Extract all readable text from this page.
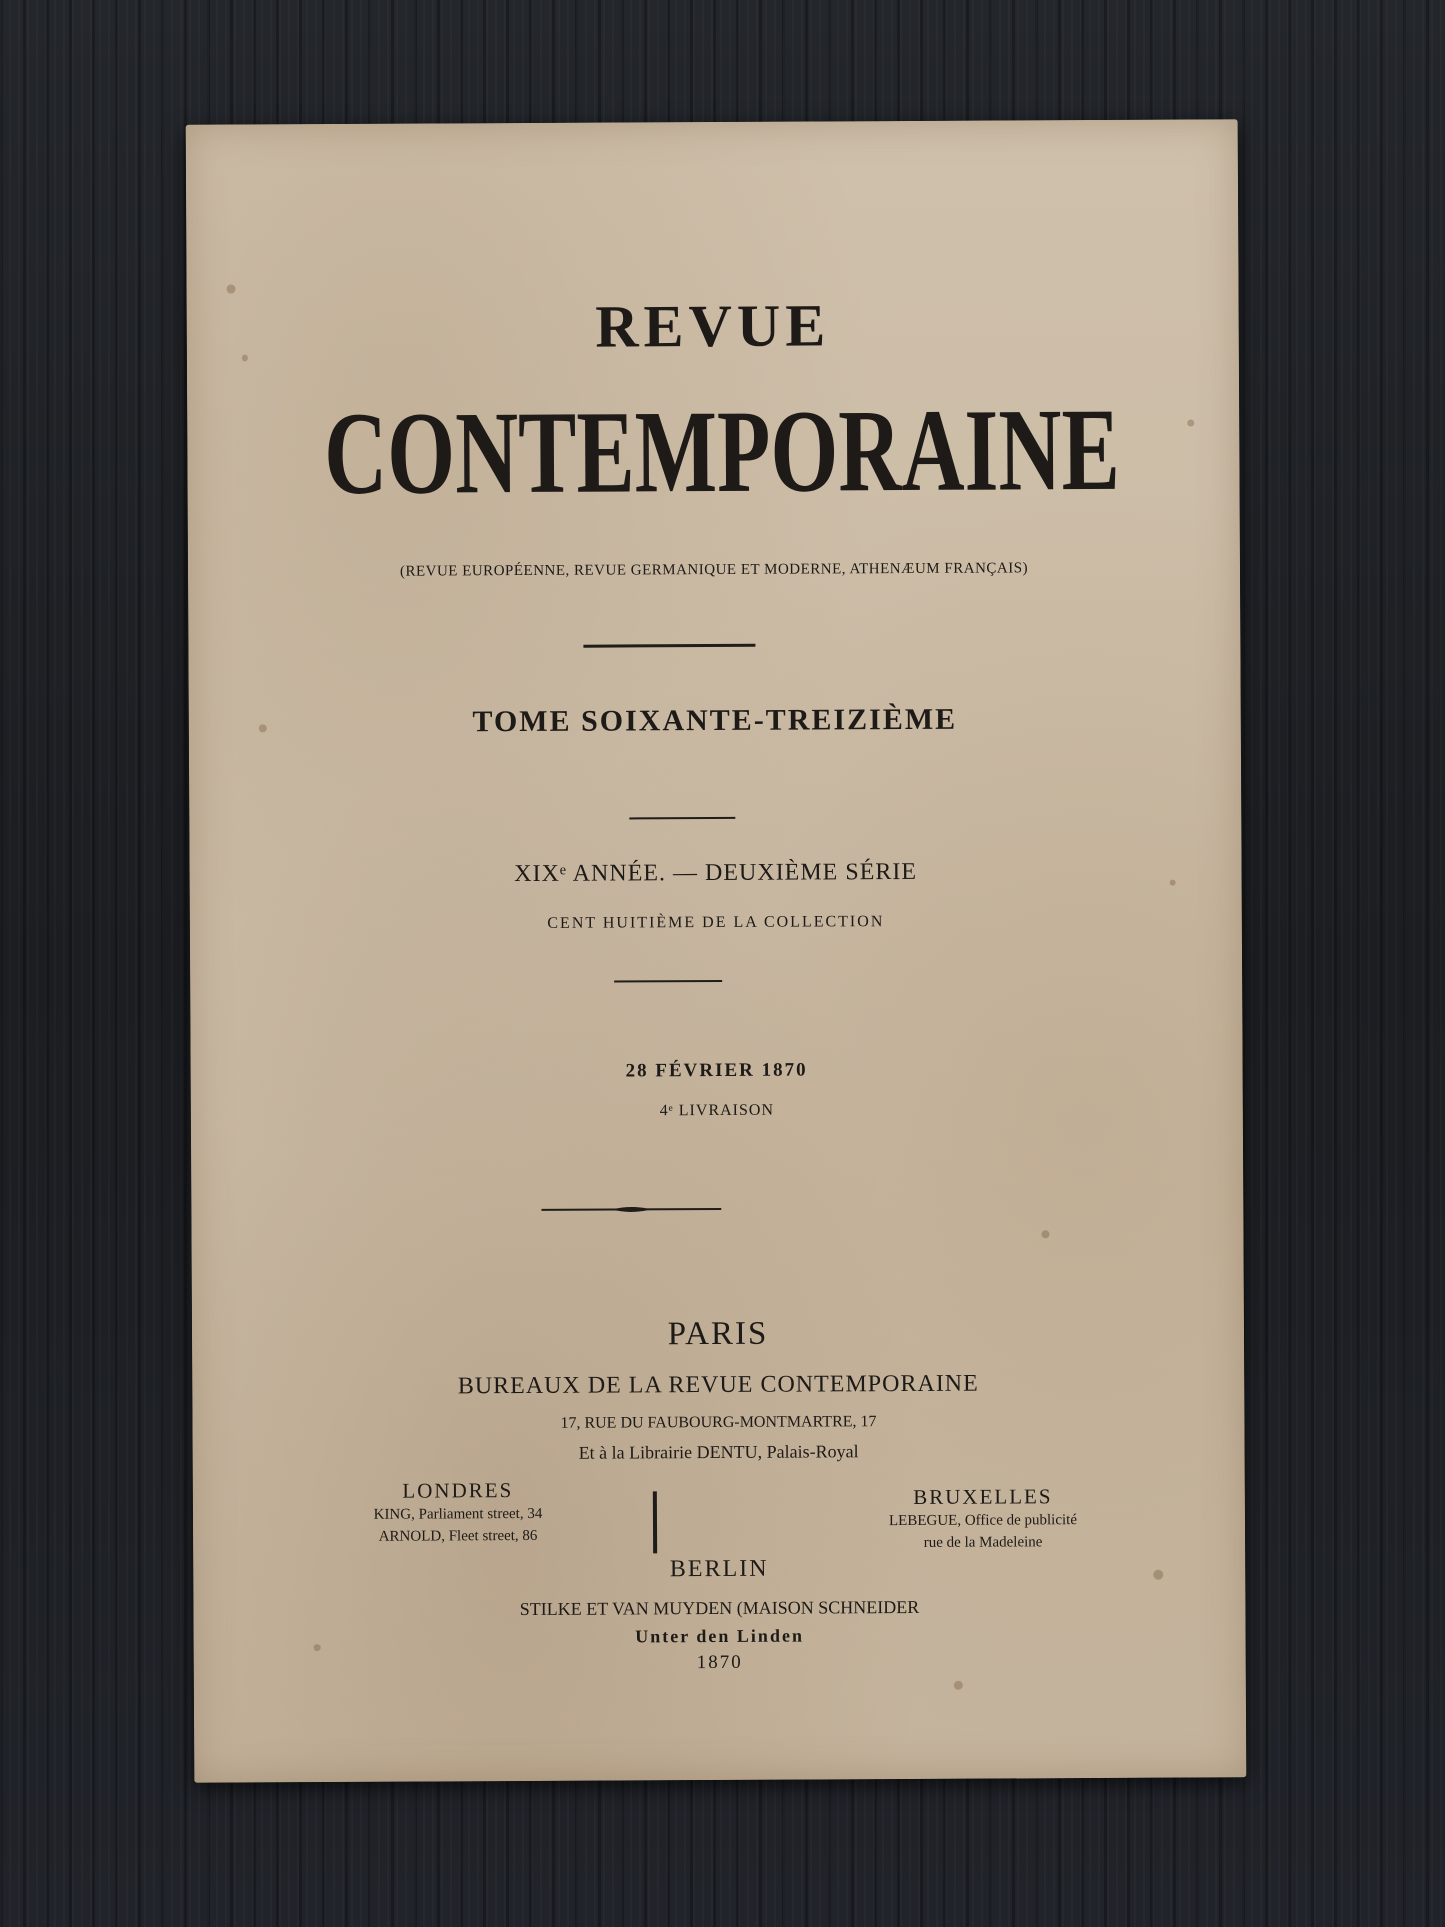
REVUE
CONTEMPORAINE
(REVUE EUROPÉENNE, REVUE GERMANIQUE ET MODERNE, ATHENÆUM FRANÇAIS)
TOME SOIXANTE-TREIZIÈME
XIXᵉ ANNÉE. — DEUXIÈME SÉRIE
CENT HUITIÈME DE LA COLLECTION
28 FÉVRIER 1870
4ᵉ LIVRAISON
PARIS
BUREAUX DE LA REVUE CONTEMPORAINE
17, RUE DU FAUBOURG-MONTMARTRE, 17
Et à la Librairie DENTU, Palais-Royal
LONDRES
KING, Parliament street, 34
ARNOLD, Fleet street, 86
BRUXELLES
LEBEGUE, Office de publicité
rue de la Madeleine
BERLIN
STILKE ET VAN MUYDEN (MAISON SCHNEIDER
Unter den Linden
1870
